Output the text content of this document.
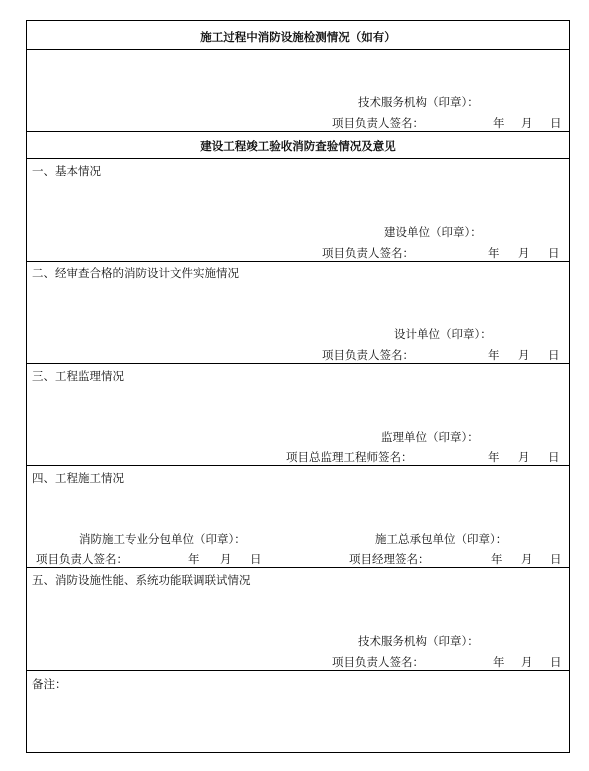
施工过程中消防设施检测情况（如有）
技术服务机构（印章）：
项目负责人签名：	年 月 日
建设工程竣工验收消防查验情况及意见
一、基本情况
建设单位（印章）：
项目负责人签名：	年 月 日
二、经审查合格的消防设计文件实施情况
设计单位（印章）：
项目负责人签名：	年 月 日
三、工程监理情况
监理单位（印章）：
项目总监理工程师签名：	年 月 日
四、工程施工情况
消防施工专业分包单位（印章）：	施工总承包单位（印章）：
项目负责人签名：	年 月 日	项目经理签名：	年 月 日
五、消防设施性能、系统功能联调联试情况
技术服务机构（印章）：
项目负责人签名：	年 月 日
备注：
